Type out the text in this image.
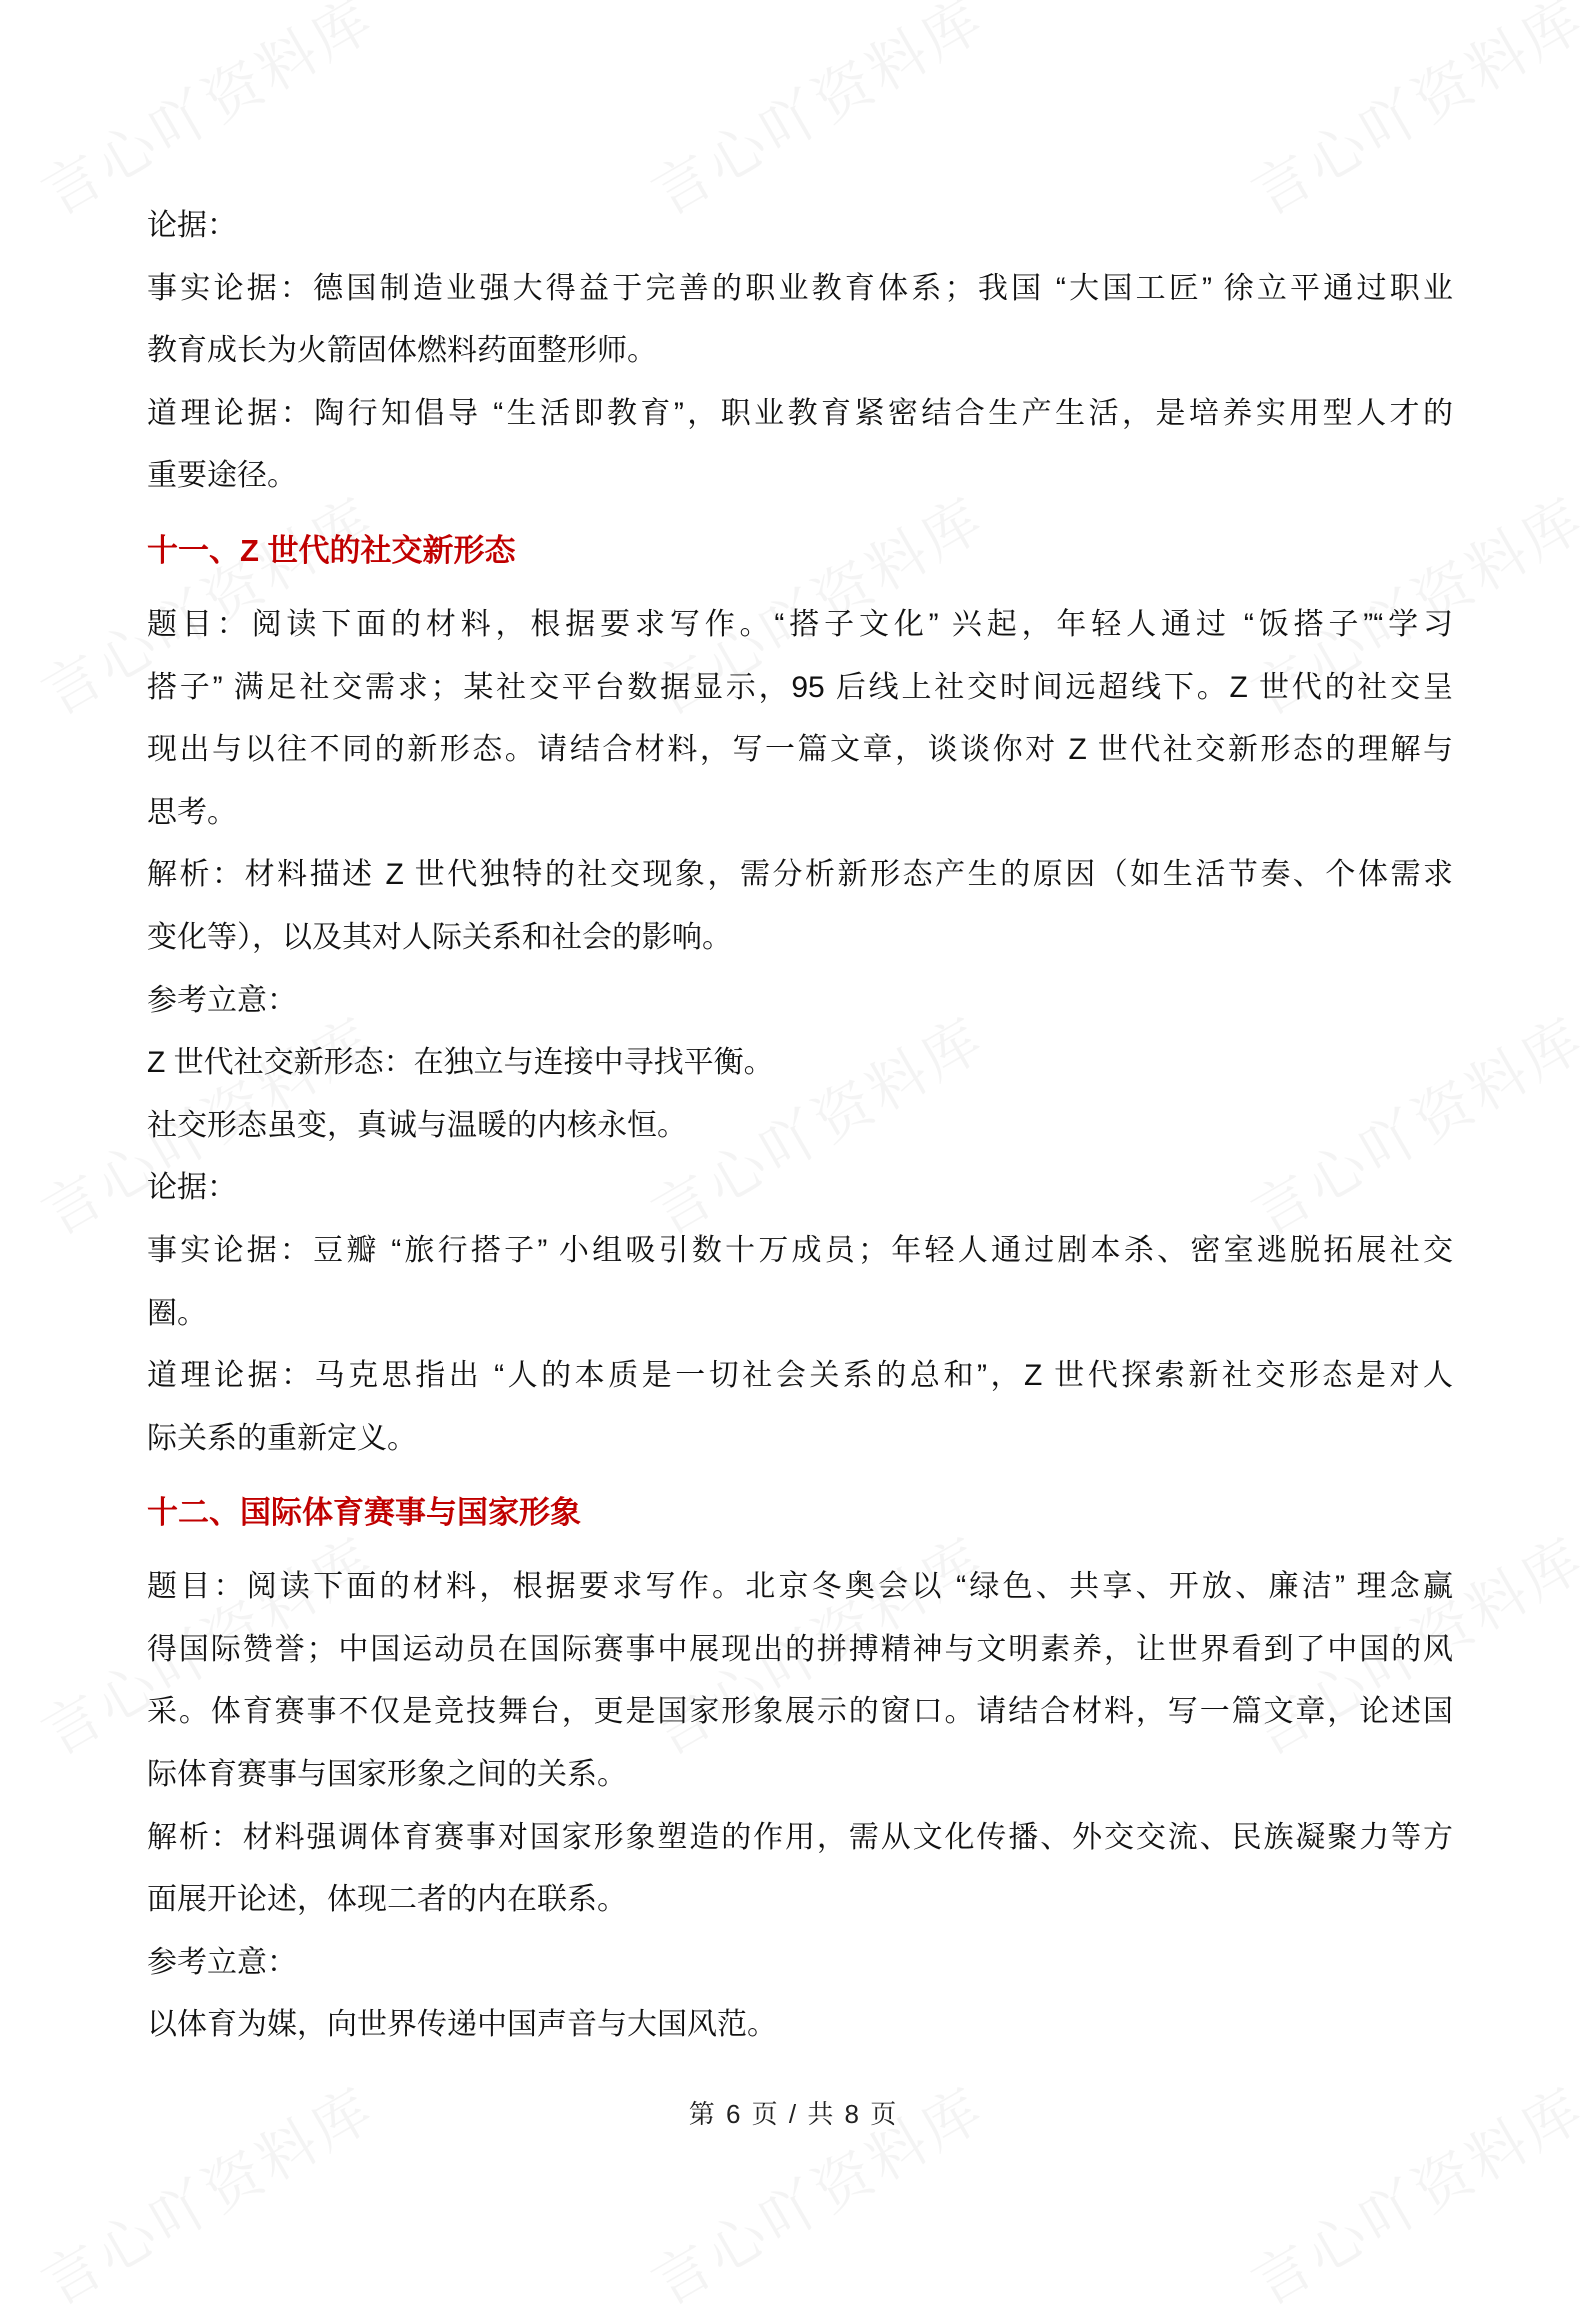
论据：
事实论据：德国制造业强大得益于完善的职业教育体系；我国 “大国工匠” 徐立平通过职业
教育成长为火箭固体燃料药面整形师。
道理论据：陶行知倡导 “生活即教育”，职业教育紧密结合生产生活，是培养实用型人才的
重要途径。
十一、Z 世代的社交新形态
题目：阅读下面的材料，根据要求写作。“搭子文化” 兴起，年轻人通过 “饭搭子”“学习
搭子” 满足社交需求；某社交平台数据显示，95 后线上社交时间远超线下。Z 世代的社交呈
现出与以往不同的新形态。请结合材料，写一篇文章，谈谈你对 Z 世代社交新形态的理解与
思考。
解析：材料描述 Z 世代独特的社交现象，需分析新形态产生的原因（如生活节奏、个体需求
变化等），以及其对人际关系和社会的影响。
参考立意：
Z 世代社交新形态：在独立与连接中寻找平衡。
社交形态虽变，真诚与温暖的内核永恒。
论据：
事实论据：豆瓣 “旅行搭子” 小组吸引数十万成员；年轻人通过剧本杀、密室逃脱拓展社交
圈。
道理论据：马克思指出 “人的本质是一切社会关系的总和”，Z 世代探索新社交形态是对人
际关系的重新定义。
十二、国际体育赛事与国家形象
题目：阅读下面的材料，根据要求写作。北京冬奥会以 “绿色、共享、开放、廉洁” 理念赢
得国际赞誉；中国运动员在国际赛事中展现出的拼搏精神与文明素养，让世界看到了中国的风
采。体育赛事不仅是竞技舞台，更是国家形象展示的窗口。请结合材料，写一篇文章，论述国
际体育赛事与国家形象之间的关系。
解析：材料强调体育赛事对国家形象塑造的作用，需从文化传播、外交交流、民族凝聚力等方
面展开论述，体现二者的内在联系。
参考立意：
以体育为媒，向世界传递中国声音与大国风范。
第 6 页 / 共 8 页
